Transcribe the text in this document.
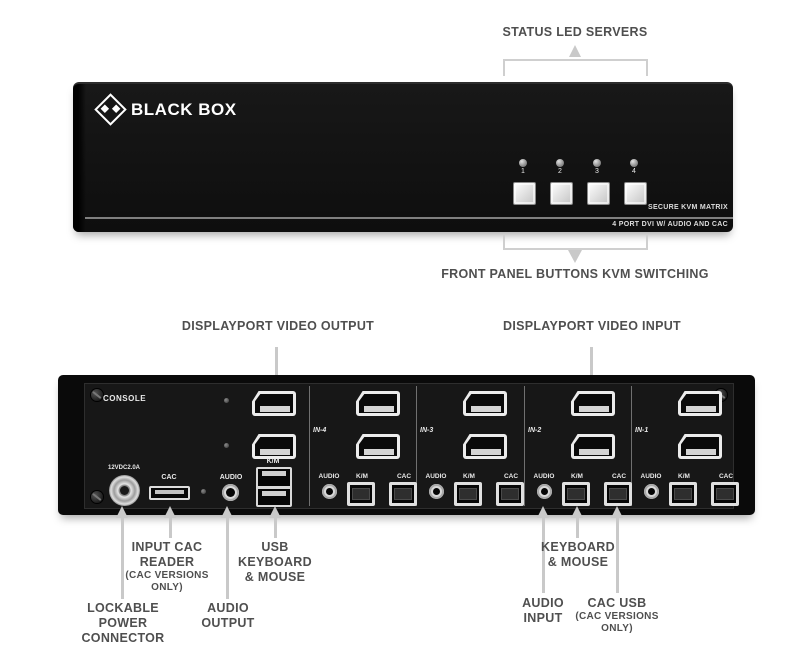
STATUS LED SERVERS
BLACK BOX
1	2	3	4
SECURE KVM MATRIX
4 PORT DVI W/ AUDIO AND CAC
FRONT PANEL BUTTONS KVM SWITCHING
DISPLAYPORT VIDEO OUTPUT	DISPLAYPORT VIDEO INPUT
CONSOLE
12VDC2.0A
CAC	AUDIO
K/M
IN-4
AUDIO	K/M	CAC
IN-3
AUDIO	K/M	CAC
IN-2
AUDIO	K/M	CAC
IN-1
AUDIO	K/M	CAC
INPUT CAC
READER
(CAC VERSIONS
ONLY)
USB
KEYBOARD
& MOUSE
LOCKABLE
POWER
CONNECTOR
AUDIO
OUTPUT
KEYBOARD
& MOUSE
AUDIO
INPUT
CAC USB
(CAC VERSIONS
ONLY)
